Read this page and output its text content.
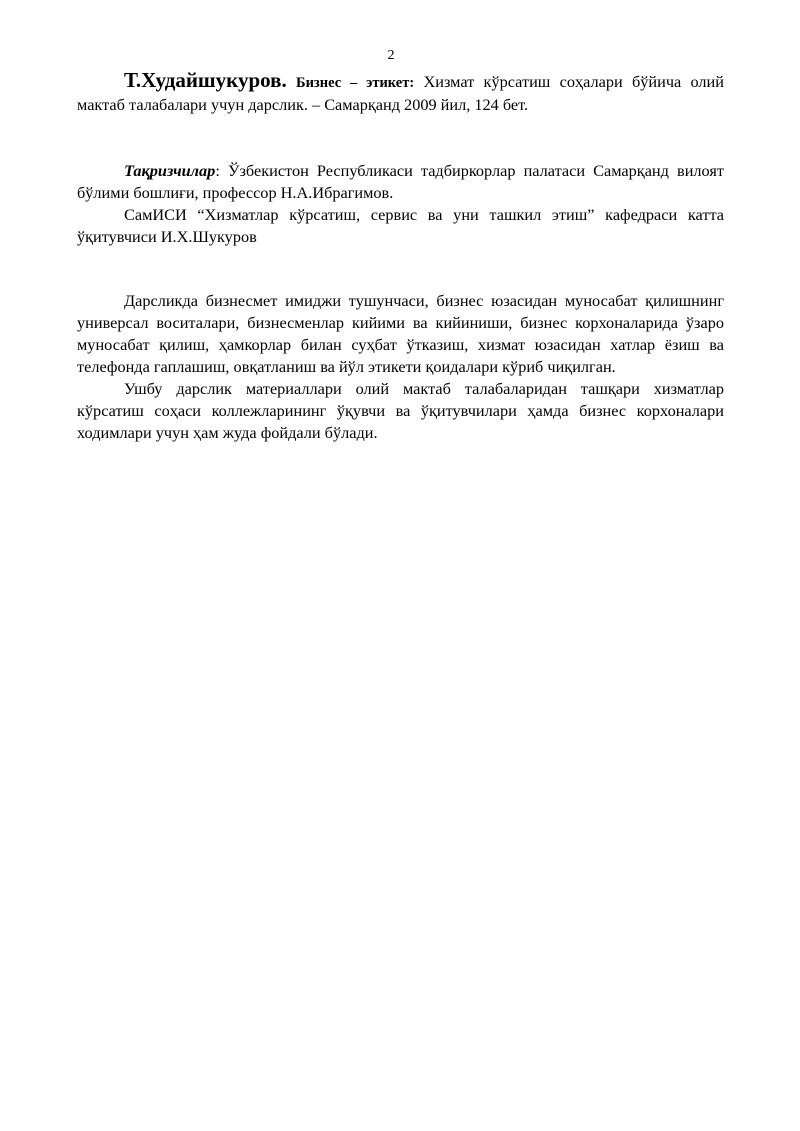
2

Т.Худайшукуров. Бизнес – этикет: Хизмат кўрсатиш соҳалари бўйича олий мактаб талабалари учун дарслик. – Самарқанд 2009 йил, 124 бет.

Тақризчилар: Ўзбекистон Республикаси тадбиркорлар палатаси Самарқанд вилоят бўлими бошлиғи, профессор Н.А.Ибрагимов.

СамИСИ “Хизматлар кўрсатиш, сервис ва уни ташкил этиш” кафедраси катта ўқитувчиси И.Х.Шукуров

Дарсликда бизнесмет имиджи тушунчаси, бизнес юзасидан муносабат қилишнинг универсал воситалари, бизнесменлар кийими ва кийиниши, бизнес корхоналарида ўзаро муносабат қилиш, ҳамкорлар билан суҳбат ўтказиш, хизмат юзасидан хатлар ёзиш ва телефонда гаплашиш, овқатланиш ва йўл этикети қоидалари кўриб чиқилган.

Ушбу дарслик материаллари олий мактаб талабаларидан ташқари хизматлар кўрсатиш соҳаси коллежларининг ўқувчи ва ўқитувчилари ҳамда бизнес корхоналари ходимлари учун ҳам жуда фойдали бўлади.
